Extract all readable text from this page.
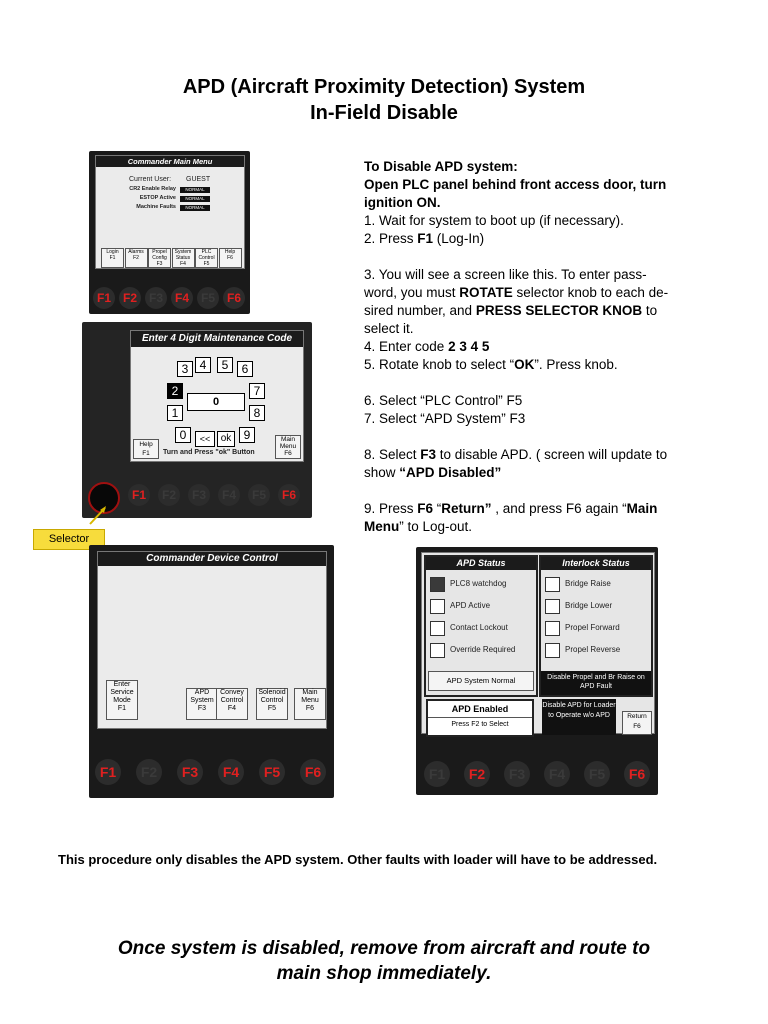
APD (Aircraft Proximity Detection) System
In-Field Disable
To Disable APD system:
Open PLC panel behind front access door, turn
ignition ON.
1. Wait for system to boot up (if necessary).
2. Press F1 (Log-In)
3. You will see a screen like this. To enter pass-
word, you must ROTATE selector knob to each de-
sired number, and PRESS SELECTOR KNOB to
select it.
4. Enter code 2 3 4 5
5. Rotate knob to select “OK”. Press knob.
6. Select “PLC Control” F5
7. Select “APD System” F3
8. Select F3 to disable APD. ( screen will update to
show “APD Disabled”
9. Press F6 “Return” , and press F6 again “Main
Menu” to Log-out.
Commander Main Menu
Current User: GUEST
CR2 Enable Relay	NORMAL
ESTOP Active	NORMAL
Machine Faults	NORMAL
Login
F1
Alarms
F2
Propel Config
F3
System Status
F4
PLC Control
F5
Help
F6
F1 F2 F3 F4 F5 F6
Enter 4 Digit Maintenance Code
3 4	5	6
2	7
1	8
0	9
0
<<	ok
Help
F1	Turn and Press "ok" Button
Main Menu
F6
F1	F2	F3	F4	F5	F6
Selector
Commander Device Control
Enter Service Mode
F1
APD System
F3
Convey Control
F4
Solenoid Control
F5
Main Menu
F6
F1	F2	F3	F4	F5	F6
APD Status
PLC8 watchdog
APD Active
Contact Lockout
Override Required
APD System Normal
Interlock Status
Bridge Raise
Bridge Lower
Propel Forward
Propel Reverse
Disable Propel and Br Raise on APD Fault
APD Enabled
Press F2 to Select
Disable APD for Loader to Operate w/o APD	Return
F6
F1	F2	F3	F4	F5	F6
This procedure only disables the APD system. Other faults with loader will have to be addressed.
Once system is disabled, remove from aircraft and route to
main shop immediately.
